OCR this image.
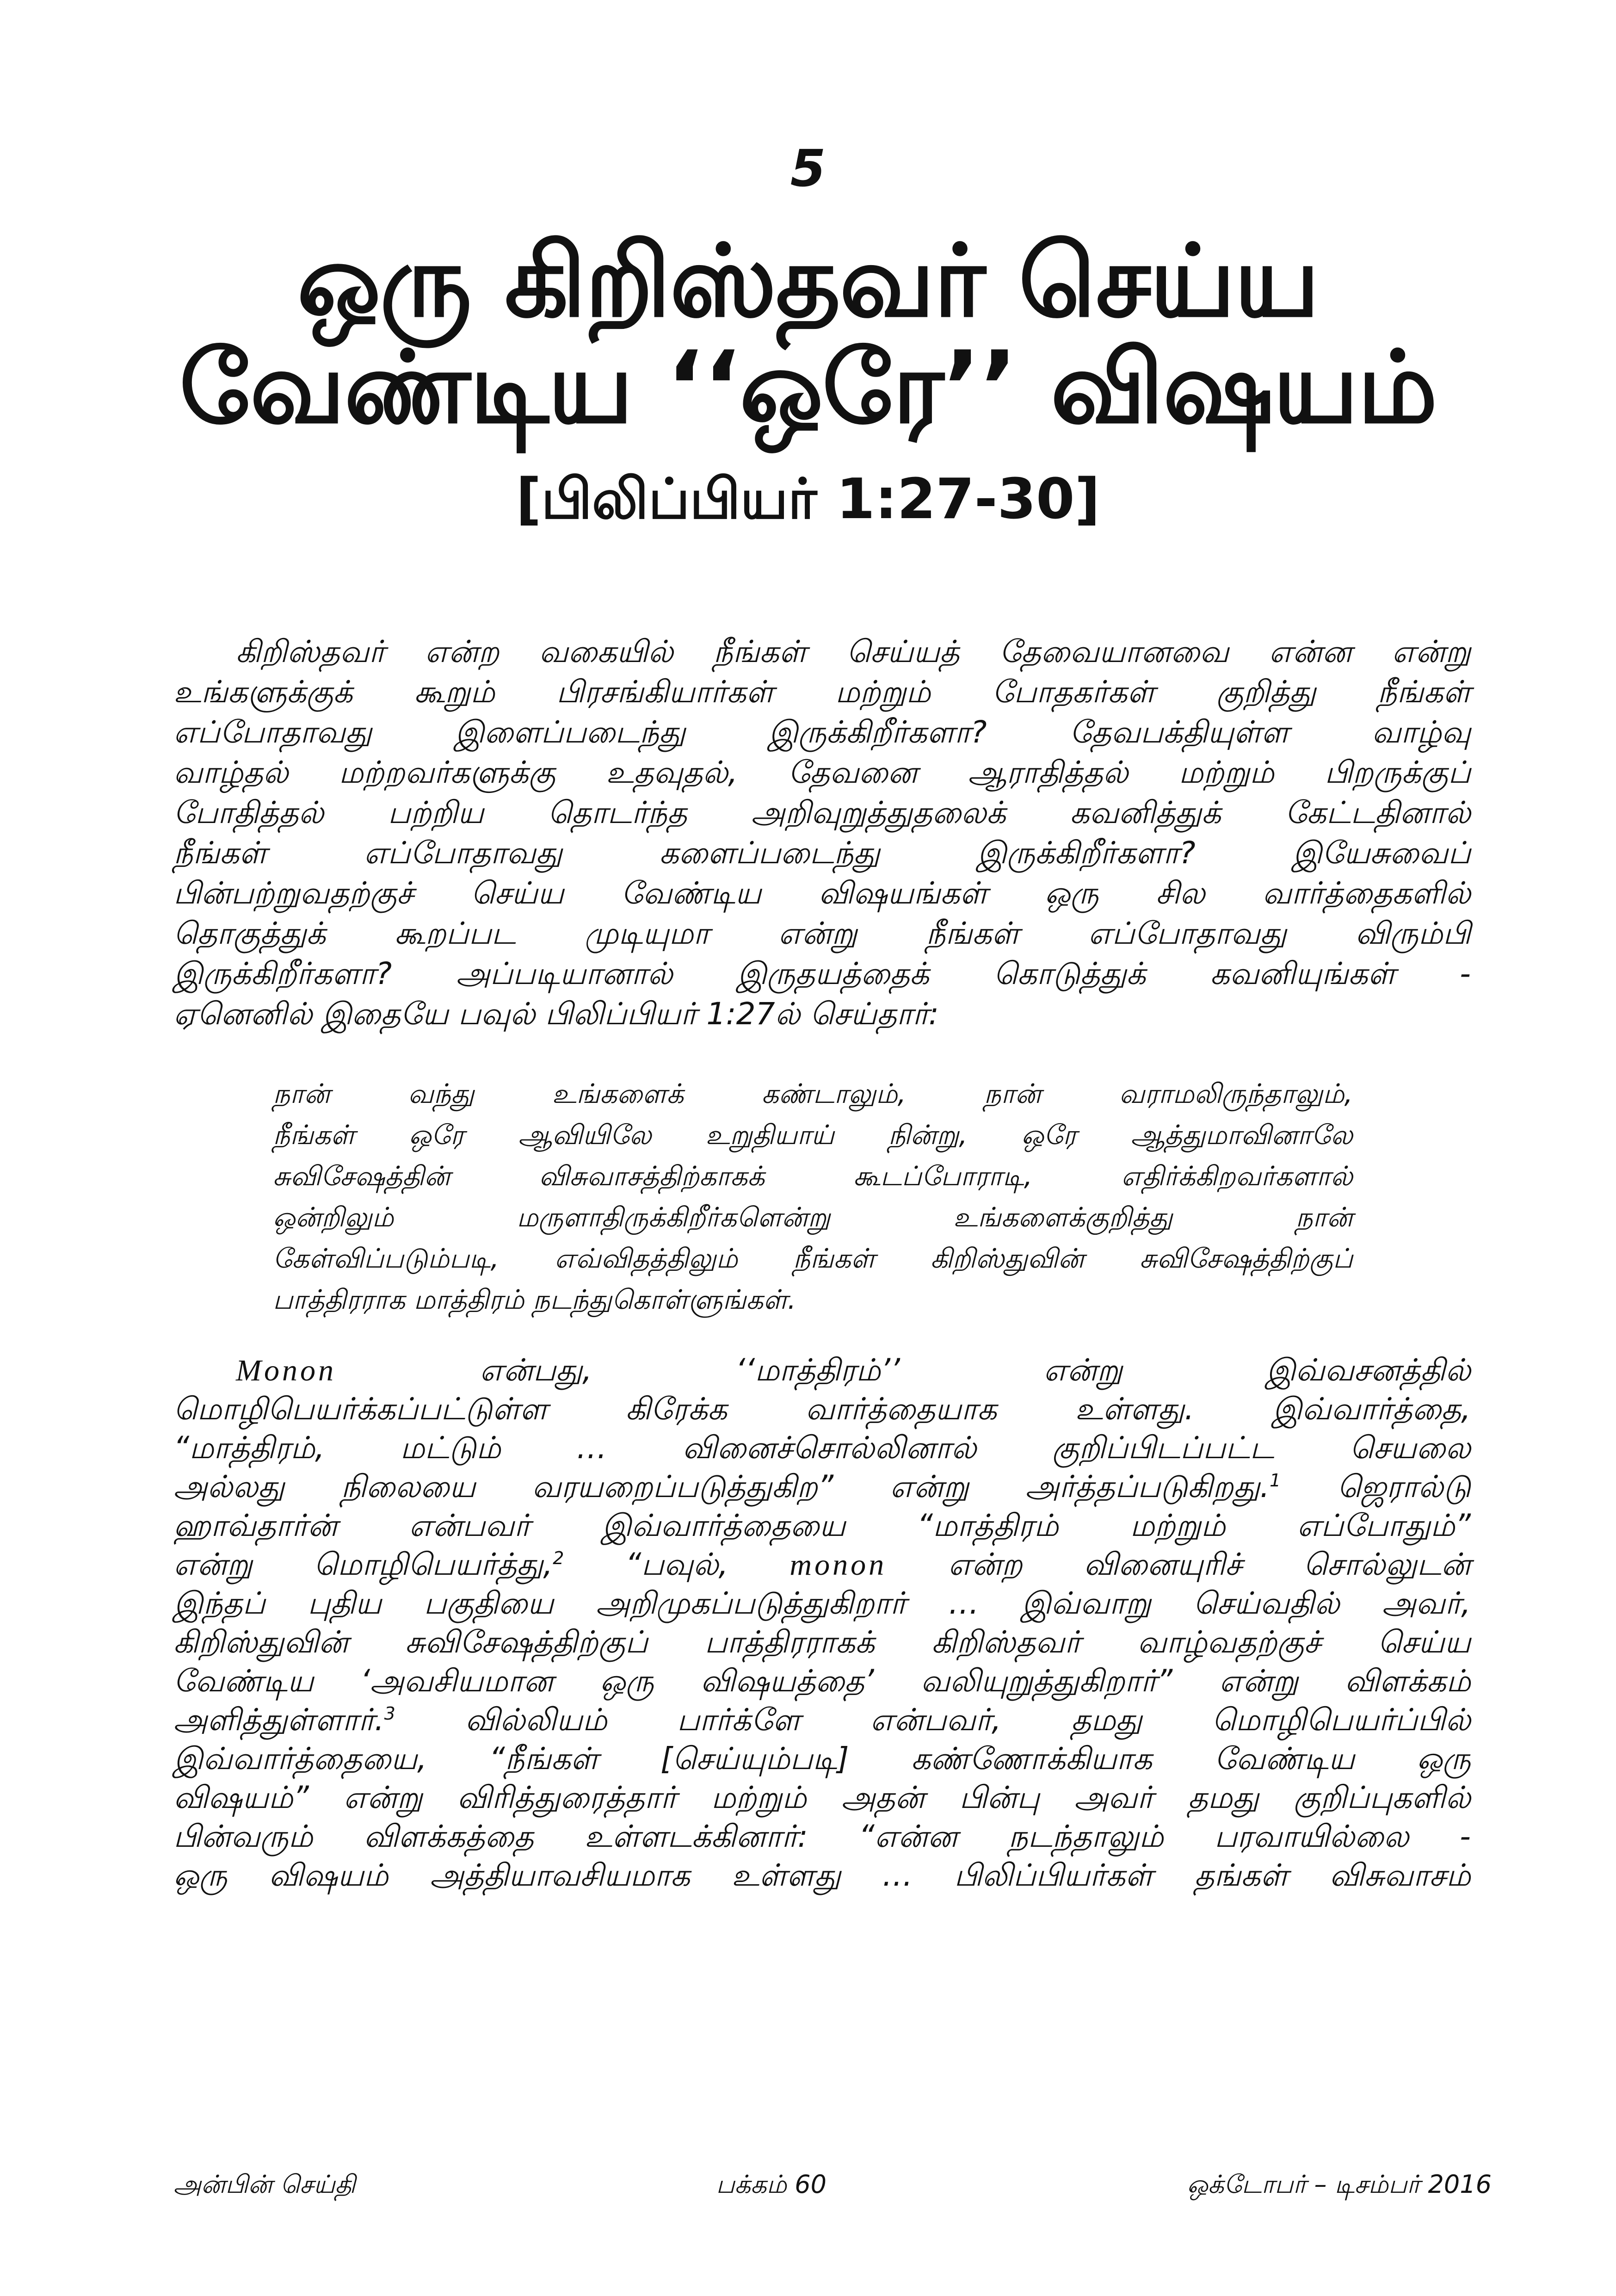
5
ஒரு கிறிஸ்தவர் செய்ய
வேண்டிய ‘‘ஒரே’’ விஷயம்
[பிலிப்பியர் 1:27-30]
கிறிஸ்தவர் என்ற வகையில் நீங்கள் செய்யத் தேவையானவை என்ன என்று
உங்களுக்குக் கூறும் பிரசங்கியார்கள் மற்றும் போதகர்கள் குறித்து நீங்கள்
எப்போதாவது இளைப்படைந்து இருக்கிறீர்களா? தேவபக்தியுள்ள வாழ்வு
வாழ்தல் மற்றவர்களுக்கு உதவுதல், தேவனை ஆராதித்தல் மற்றும் பிறருக்குப்
போதித்தல் பற்றிய தொடர்ந்த அறிவுறுத்துதலைக் கவனித்துக் கேட்டதினால்
நீங்கள் எப்போதாவது களைப்படைந்து இருக்கிறீர்களா? இயேசுவைப்
பின்பற்றுவதற்குச் செய்ய வேண்டிய விஷயங்கள் ஒரு சில வார்த்தைகளில்
தொகுத்துக் கூறப்பட முடியுமா என்று நீங்கள் எப்போதாவது விரும்பி
இருக்கிறீர்களா? அப்படியானால் இருதயத்தைக் கொடுத்துக் கவனியுங்கள் -
ஏனெனில் இதையே பவுல் பிலிப்பியர் 1:27ல் செய்தார்:
நான் வந்து உங்களைக் கண்டாலும், நான் வராமலிருந்தாலும்,
நீங்கள் ஒரே ஆவியிலே உறுதியாய் நின்று, ஒரே ஆத்துமாவினாலே
சுவிசேஷத்தின் விசுவாசத்திற்காகக் கூடப்போராடி, எதிர்க்கிறவர்களால்
ஒன்றிலும் மருளாதிருக்கிறீர்களென்று உங்களைக்குறித்து நான்
கேள்விப்படும்படி, எவ்விதத்திலும் நீங்கள் கிறிஸ்துவின் சுவிசேஷத்திற்குப்
பாத்திரராக மாத்திரம் நடந்துகொள்ளுங்கள்.
Monon என்பது, ‘‘மாத்திரம்’’ என்று இவ்வசனத்தில்
மொழிபெயர்க்கப்பட்டுள்ள கிரேக்க வார்த்தையாக உள்ளது. இவ்வார்த்தை,
“மாத்திரம், மட்டும் … வினைச்சொல்லினால் குறிப்பிடப்பட்ட செயலை
அல்லது நிலையை வரயறைப்படுத்துகிற” என்று அர்த்தப்படுகிறது.$^1$ ஜெரால்டு
ஹாவ்தார்ன் என்பவர் இவ்வார்த்தையை “மாத்திரம் மற்றும் எப்போதும்”
என்று மொழிபெயர்த்து,$^2$ “பவுல், monon என்ற வினையுரிச் சொல்லுடன்
இந்தப் புதிய பகுதியை அறிமுகப்படுத்துகிறார் … இவ்வாறு செய்வதில் அவர்,
கிறிஸ்துவின் சுவிசேஷத்திற்குப் பாத்திரராகக் கிறிஸ்தவர் வாழ்வதற்குச் செய்ய
வேண்டிய ‘அவசியமான ஒரு விஷயத்தை’ வலியுறுத்துகிறார்” என்று விளக்கம்
அளித்துள்ளார்.$^3$ வில்லியம் பார்க்ளே என்பவர், தமது மொழிபெயர்ப்பில்
இவ்வார்த்தையை, “நீங்கள் [செய்யும்படி] கண்ணோக்கியாக வேண்டிய ஒரு
விஷயம்” என்று விரித்துரைத்தார் மற்றும் அதன் பின்பு அவர் தமது குறிப்புகளில்
பின்வரும் விளக்கத்தை உள்ளடக்கினார்: “என்ன நடந்தாலும் பரவாயில்லை -
ஒரு விஷயம் அத்தியாவசியமாக உள்ளது … பிலிப்பியர்கள் தங்கள் விசுவாசம்
அன்பின் செய்தி	பக்கம் 60	ஒக்டோபர் – டிசம்பர் 2016
